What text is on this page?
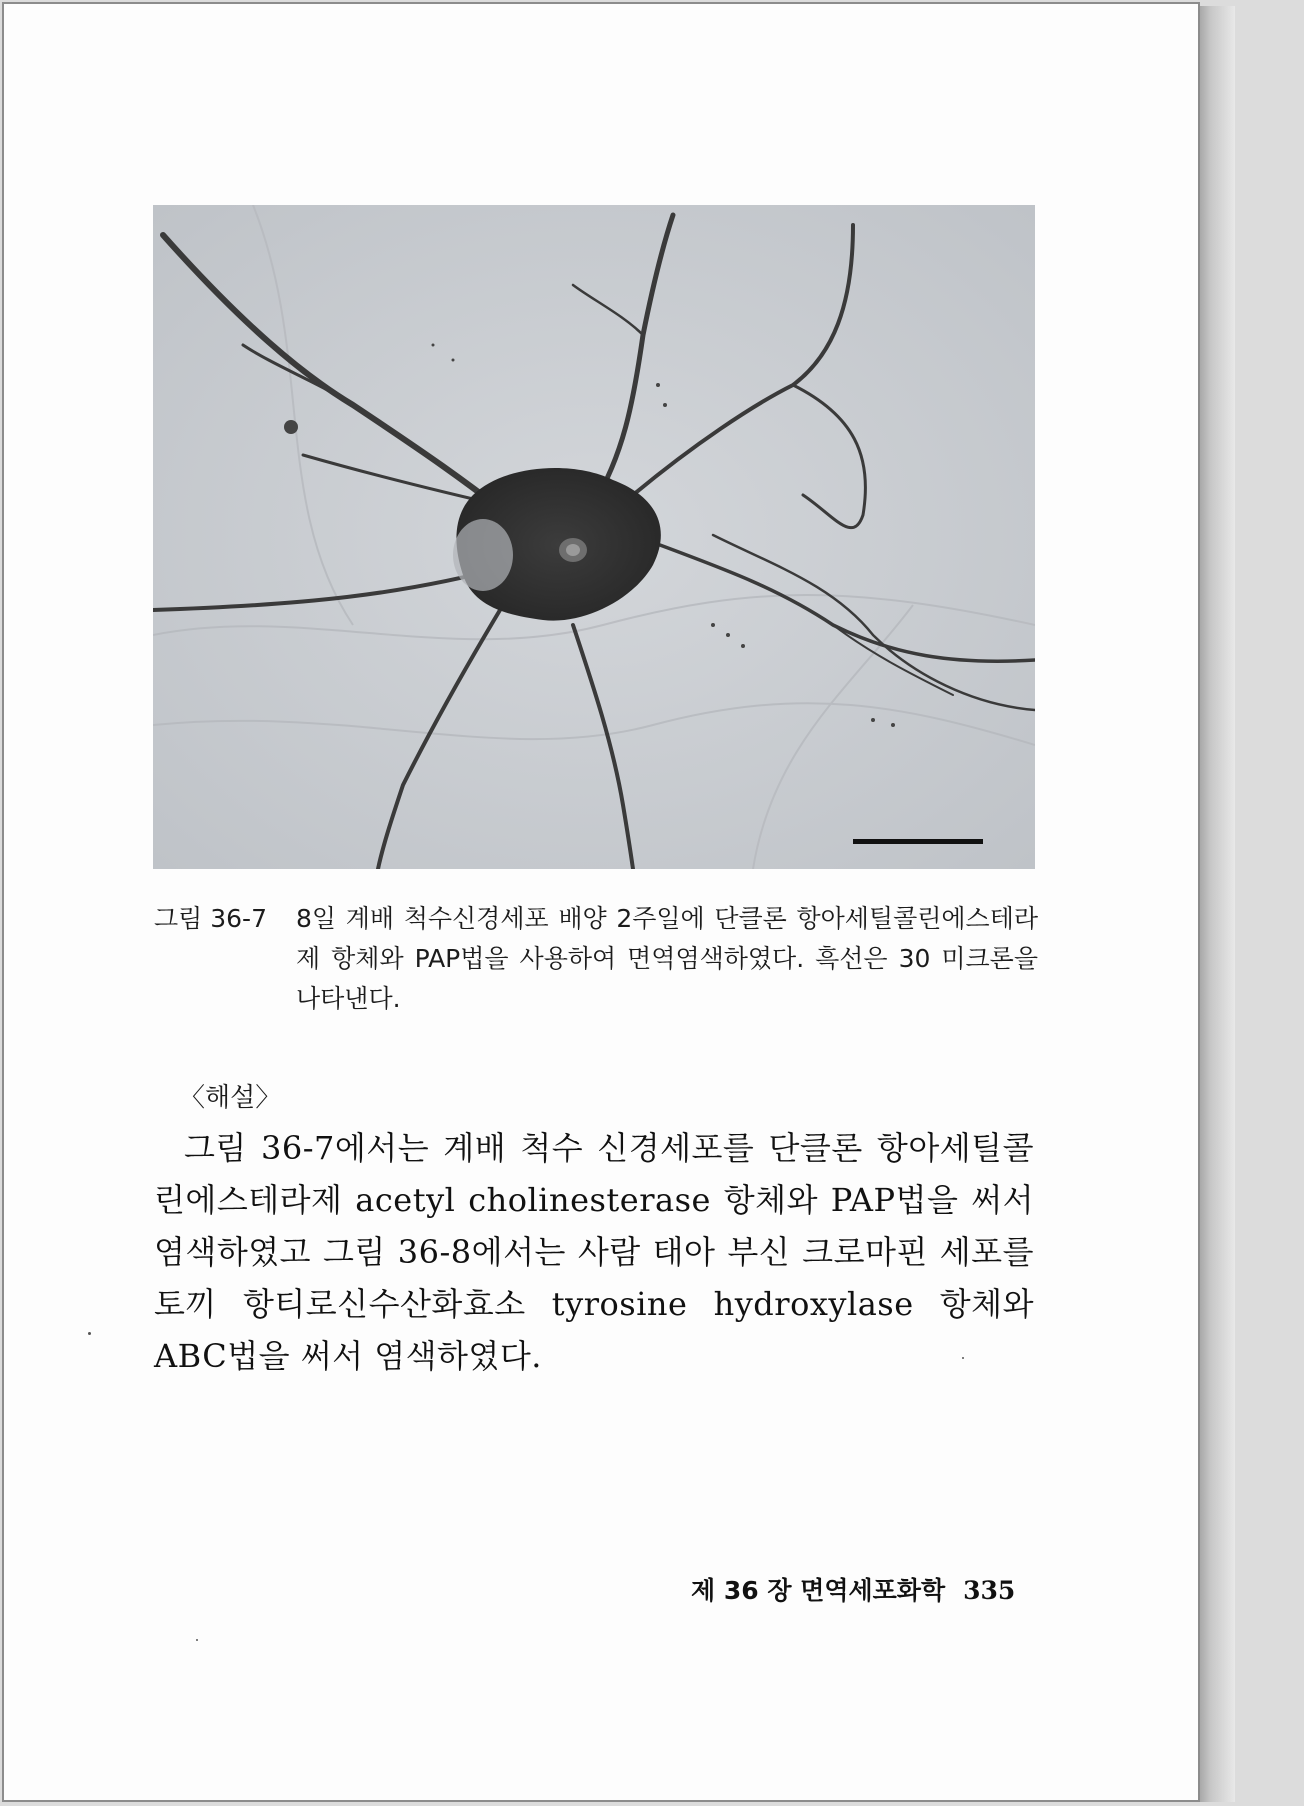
그림 36-7 8일 계배 척수신경세포 배양 2주일에 단클론 항아세틸콜린에스테라제 항체와 PAP법을 사용하여 면역염색하였다. 흑선은 30 미크론을 나타낸다.
〈해설〉
그림 36-7에서는 계배 척수 신경세포를 단클론 항아세틸콜린에스테라제 acetyl cholinesterase 항체와 PAP법을 써서 염색하였고 그림 36-8에서는 사람 태아 부신 크로마핀 세포를 토끼 항티로신수산화효소 tyrosine hydroxylase 항체와 ABC법을 써서 염색하였다.
제 36 장 면역세포화학 335
